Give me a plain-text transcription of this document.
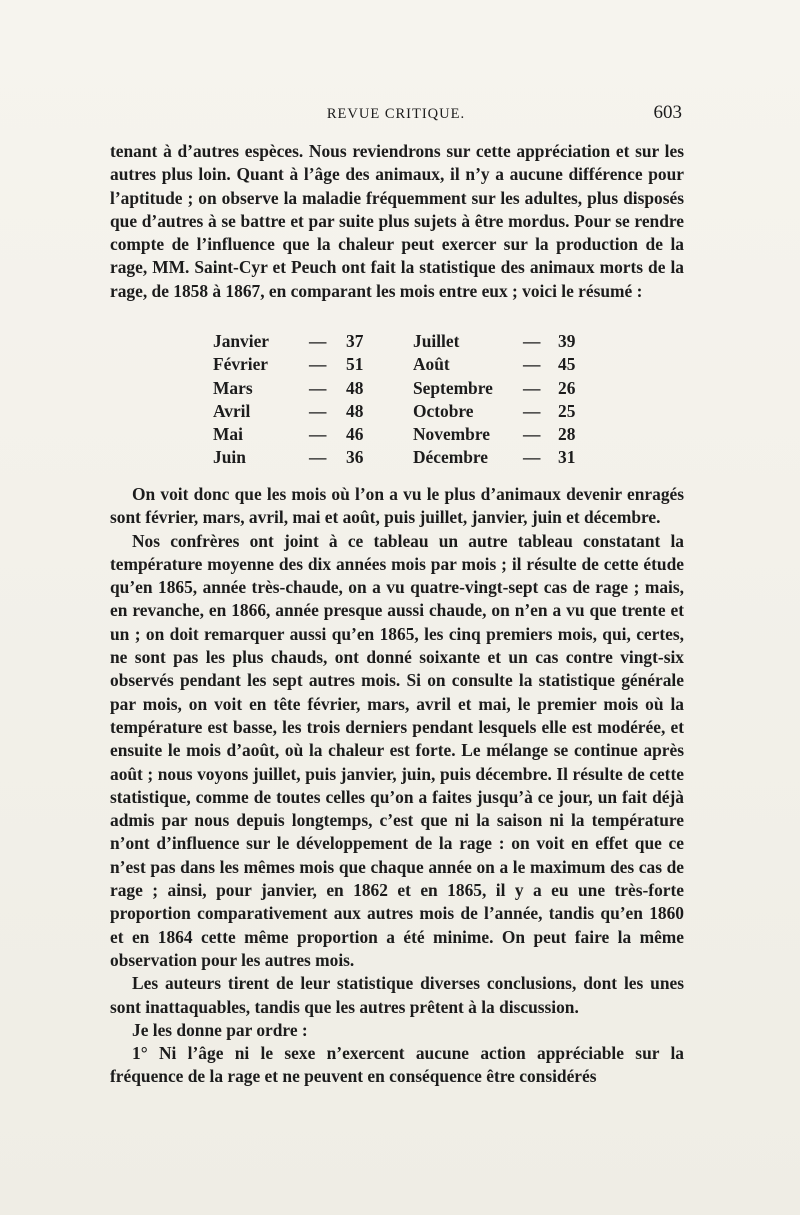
REVUE CRITIQUE.	603

tenant à d’autres espèces. Nous reviendrons sur cette appréciation et sur les autres plus loin. Quant à l’âge des animaux, il n’y a aucune différence pour l’aptitude ; on observe la maladie fréquemment sur les adultes, plus disposés que d’autres à se battre et par suite plus sujets à être mordus. Pour se rendre compte de l’influence que la chaleur peut exercer sur la production de la rage, MM. Saint-Cyr et Peuch ont fait la statistique des animaux morts de la rage, de 1858 à 1867, en comparant les mois entre eux ; voici le résumé :

Janvier — 37	Juillet	— 39
Février — 51	Août	— 45
Mars	— 48	Septembre — 26
Avril	— 48	Octobre	— 25
Mai	— 46	Novembre — 28
Juin	— 36	Décembre — 31

On voit donc que les mois où l’on a vu le plus d’animaux devenir enragés sont février, mars, avril, mai et août, puis juillet, janvier, juin et décembre.

Nos confrères ont joint à ce tableau un autre tableau constatant la température moyenne des dix années mois par mois ; il résulte de cette étude qu’en 1865, année très-chaude, on a vu quatre-vingt-sept cas de rage ; mais, en revanche, en 1866, année presque aussi chaude, on n’en a vu que trente et un ; on doit remarquer aussi qu’en 1865, les cinq premiers mois, qui, certes, ne sont pas les plus chauds, ont donné soixante et un cas contre vingt-six observés pendant les sept autres mois. Si on consulte la statistique générale par mois, on voit en tête février, mars, avril et mai, le premier mois où la température est basse, les trois derniers pendant lesquels elle est modérée, et ensuite le mois d’août, où la chaleur est forte. Le mélange se continue après août ; nous voyons juillet, puis janvier, juin, puis décembre. Il résulte de cette statistique, comme de toutes celles qu’on a faites jusqu’à ce jour, un fait déjà admis par nous depuis longtemps, c’est que ni la saison ni la température n’ont d’influence sur le développement de la rage : on voit en effet que ce n’est pas dans les mêmes mois que chaque année on a le maximum des cas de rage ; ainsi, pour janvier, en 1862 et en 1865, il y a eu une très-forte proportion comparativement aux autres mois de l’année, tandis qu’en 1860 et en 1864 cette même proportion a été minime. On peut faire la même observation pour les autres mois.

Les auteurs tirent de leur statistique diverses conclusions, dont les unes sont inattaquables, tandis que les autres prêtent à la discussion.

Je les donne par ordre :

1° Ni l’âge ni le sexe n’exercent aucune action appréciable sur la fréquence de la rage et ne peuvent en conséquence être considérés
